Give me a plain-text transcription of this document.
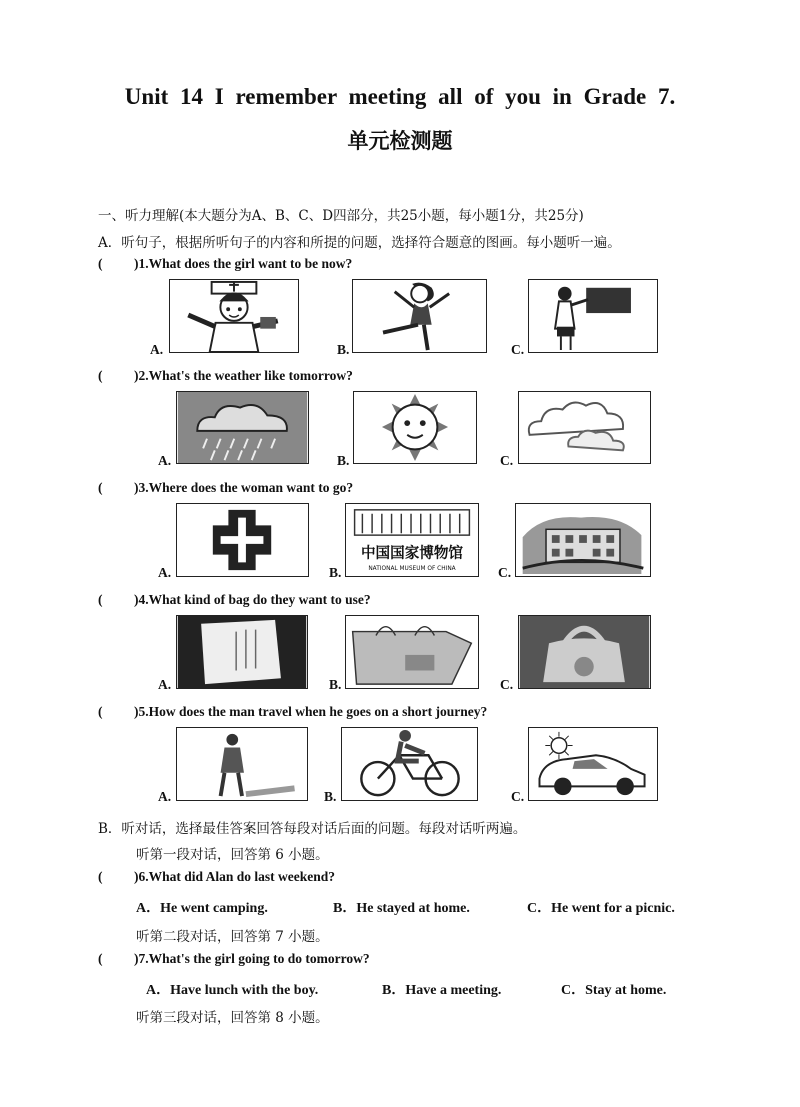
Unit 14 I remember meeting all of you in Grade 7.
单元检测题
一、听力理解(本大题分为A、B、C、D四部分，共25小题，每小题1分，共25分)
A．听句子，根据所听句子的内容和所提的问题，选择符合题意的图画。每小题听一遍。
( )1.What does the girl want to be now?
A.	B.	C.
( )2.What's the weather like tomorrow?
A.	B.	C.
( )3.Where does the woman want to go?
A.	B.
中国国家博物馆
NATIONAL MUSEUM OF CHINA	C.
( )4.What kind of bag do they want to use?
A.	B.	C.
( )5.How does the man travel when he goes on a short journey?
A.	B.	C.
B．听对话，选择最佳答案回答每段对话后面的问题。每段对话听两遍。
听第一段对话，回答第 6 小题。
( )6.What did Alan do last weekend?
A．He went camping.	B．He stayed at home.	C．He went for a picnic.
听第二段对话，回答第 7 小题。
( )7.What's the girl going to do tomorrow?
A．Have lunch with the boy.	B．Have a meeting.	C．Stay at home.
听第三段对话，回答第 8 小题。
